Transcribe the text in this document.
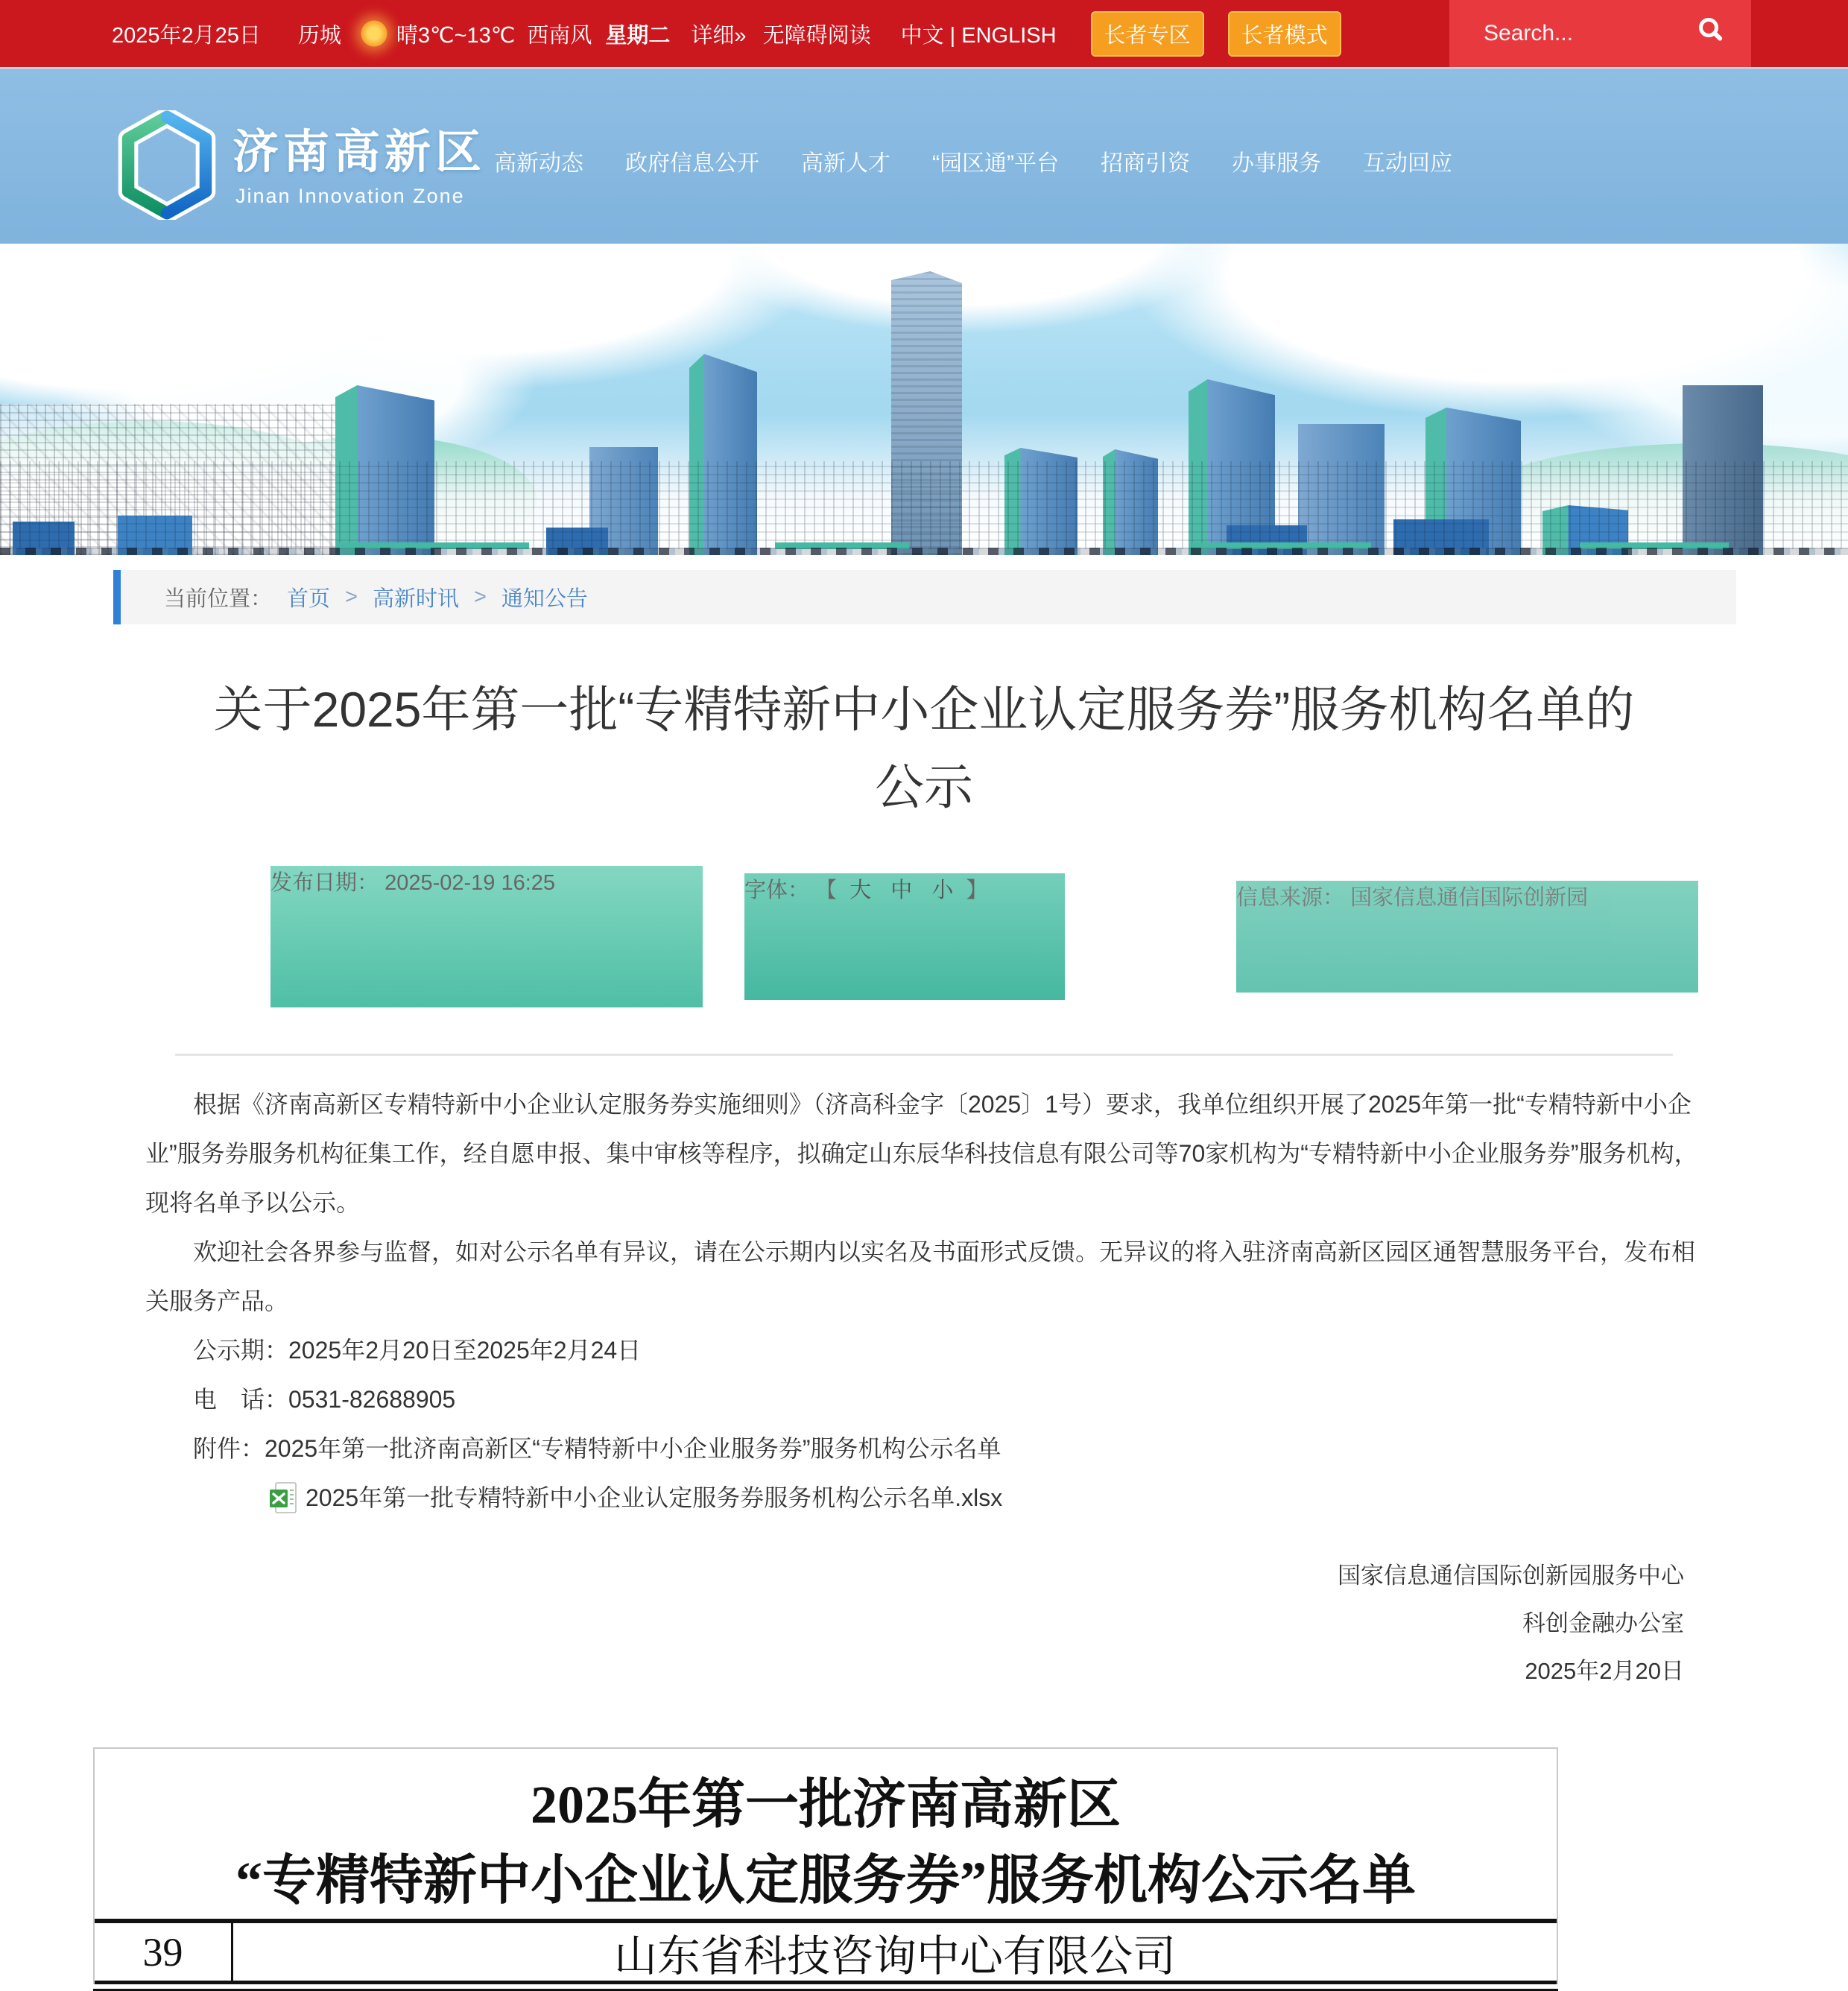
2025年2月25日 历城	晴3℃~13℃ 西南风 星期二 详细» 无障碍阅读 中文 | ENGLISH	长者专区	长者模式
Search...
济南高新区
Jinan Innovation Zone
高新动态 政府信息公开 高新人才 “园区通”平台 招商引资 办事服务 互动回应
当前位置： 首页 > 高新时讯 > 通知公告
关于2025年第一批“专精特新中小企业认定服务券”服务机构名单的
公示
发布日期： 2025-02-19 16:25	字体： 【 大 中 小 】	信息来源： 国家信息通信国际创新园

根据《济南高新区专精特新中小企业认定服务券实施细则》（济高科金字〔2025〕1号）要求，我单位组织开展了2025年第一批“专精特新中小企业”服务券服务机构征集工作，经自愿申报、集中审核等程序，拟确定山东辰华科技信息有限公司等70家机构为“专精特新中小企业服务券”服务机构，现将名单予以公示。

欢迎社会各界参与监督，如对公示名单有异议，请在公示期内以实名及书面形式反馈。无异议的将入驻济南高新区园区通智慧服务平台，发布相关服务产品。

公示期：2025年2月20日至2025年2月24日

电　话：0531-82688905

附件：2025年第一批济南高新区“专精特新中小企业服务券”服务机构公示名单

2025年第一批专精特新中小企业认定服务券服务机构公示名单.xlsx
国家信息通信国际创新园服务中心
科创金融办公室
2025年2月20日
2025年第一批济南高新区
“专精特新中小企业认定服务券”服务机构公示名单
39	山东省科技咨询中心有限公司
